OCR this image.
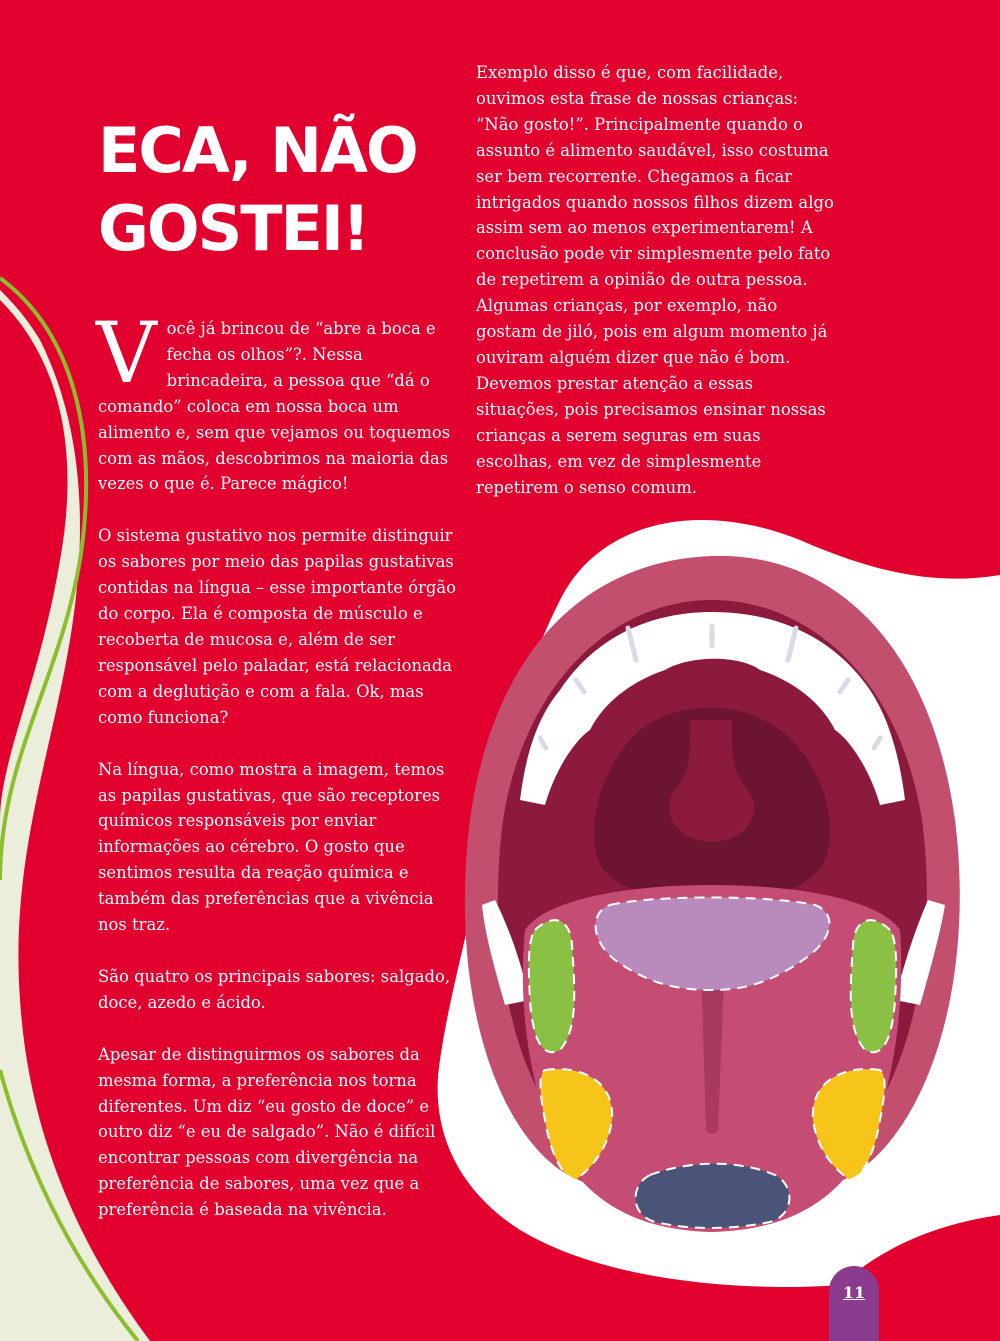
ECA, NÃO
GOSTEI!

Você já brincou de “abre a boca e fecha os olhos”?. Nessa brincadeira, a pessoa que “dá o comando” coloca em nossa boca um alimento e, sem que vejamos ou toquemos com as mãos, descobrimos na maioria das vezes o que é. Parece mágico!

O sistema gustativo nos permite distinguir os sabores por meio das papilas gustativas contidas na língua – esse importante órgão do corpo. Ela é composta de músculo e recoberta de mucosa e, além de ser responsável pelo paladar, está relacionada com a deglutição e com a fala. Ok, mas como funciona?

Na língua, como mostra a imagem, temos as papilas gustativas, que são receptores químicos responsáveis por enviar informações ao cérebro. O gosto que sentimos resulta da reação química e também das preferências que a vivência nos traz.

São quatro os principais sabores: salgado, doce, azedo e ácido.

Apesar de distinguirmos os sabores da mesma forma, a preferência nos torna diferentes. Um diz “eu gosto de doce” e outro diz “e eu de salgado”. Não é difícil encontrar pessoas com divergência na preferência de sabores, uma vez que a preferência é baseada na vivência.

Exemplo disso é que, com facilidade, ouvimos esta frase de nossas crianças: “Não gosto!”. Principalmente quando o assunto é alimento saudável, isso costuma ser bem recorrente. Chegamos a ficar intrigados quando nossos filhos dizem algo assim sem ao menos experimentarem! A conclusão pode vir simplesmente pelo fato de repetirem a opinião de outra pessoa. Algumas crianças, por exemplo, não gostam de jiló, pois em algum momento já ouviram alguém dizer que não é bom. Devemos prestar atenção a essas situações, pois precisamos ensinar nossas crianças a serem seguras em suas escolhas, em vez de simplesmente repetirem o senso comum.

11
